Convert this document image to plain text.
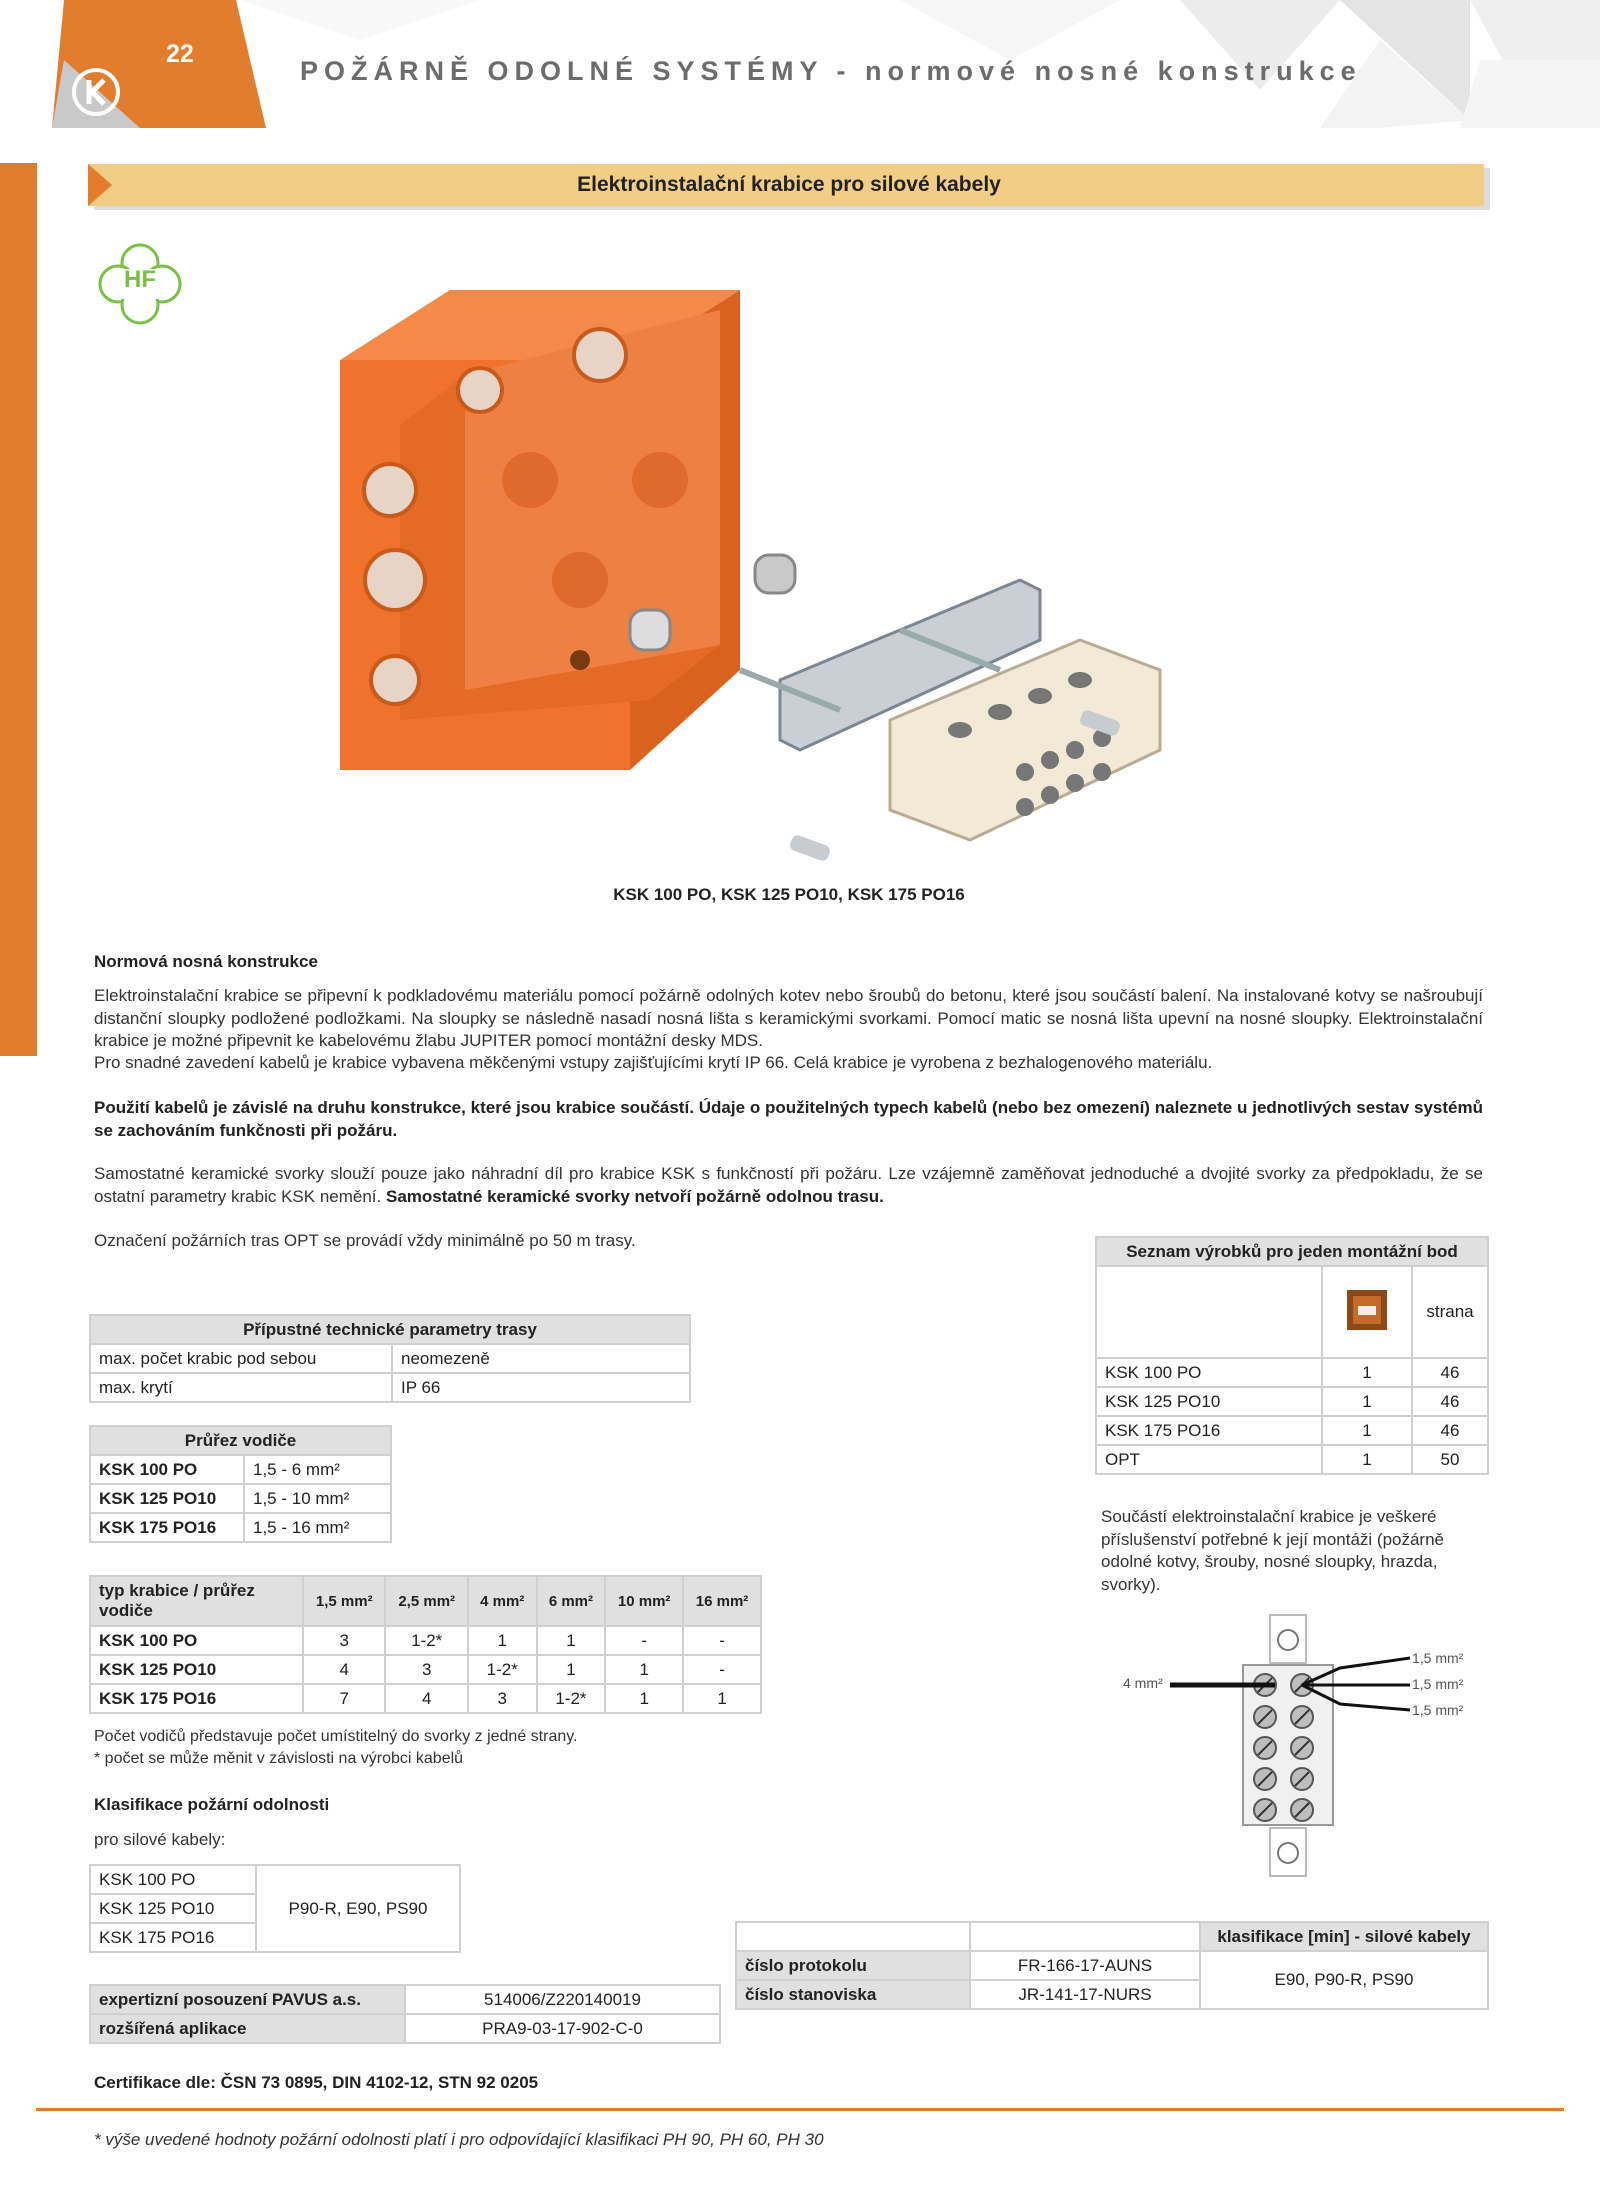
22
POŽÁRNĚ ODOLNÉ SYSTÉMY - normové nosné konstrukce
Elektroinstalační krabice pro silové kabely
HF
KSK 100 PO, KSK 125 PO10, KSK 175 PO16
Normová nosná konstrukce
Elektroinstalační krabice se připevní k podkladovému materiálu pomocí požárně odolných kotev nebo šroubů do betonu, které jsou součástí balení. Na instalované kotvy se našroubují distanční sloupky podložené podložkami. Na sloupky se následně nasadí nosná lišta s keramickými svorkami. Pomocí matic se nosná lišta upevní na nosné sloupky. Elektroinstalační krabice je možné připevnit ke kabelovému žlabu JUPITER pomocí montážní desky MDS.
Pro snadné zavedení kabelů je krabice vybavena měkčenými vstupy zajišťujícími krytí IP 66. Celá krabice je vyrobena z bezhalogenového materiálu.
Použití kabelů je závislé na druhu konstrukce, které jsou krabice součástí. Údaje o použitelných typech kabelů (nebo bez omezení) naleznete u jednotlivých sestav systémů se zachováním funkčnosti při požáru.
Samostatné keramické svorky slouží pouze jako náhradní díl pro krabice KSK s funkčností při požáru. Lze vzájemně zaměňovat jednoduché a dvojité svorky za předpokladu, že se ostatní parametry krabic KSK nemění. Samostatné keramické svorky netvoří požárně odolnou trasu.
Označení požárních tras OPT se provádí vždy minimálně po 50 m trasy.
Přípustné technické parametry trasy	
max. počet krabic pod sebou	neomezeně
max. krytí	IP 66
Průřez vodiče	
KSK 100 PO	1,5 - 6 mm²
KSK 125 PO10	1,5 - 10 mm²
KSK 175 PO16	1,5 - 16 mm²
typ krabice / průřez vodiče	1,5 mm²	2,5 mm²	4 mm²	6 mm²	10 mm²	16 mm²
KSK 100 PO	3	1-2*	1	1	-	-
KSK 125 PO10	4	3	1-2*	1	1	-
KSK 175 PO16	7	4	3	1-2*	1	1
Počet vodičů představuje počet umístitelný do svorky z jedné strany.
* počet se může měnit v závislosti na výrobci kabelů
Klasifikace požární odolnosti
pro silové kabely:
KSK 100 PO	P90-R, E90, PS90
KSK 125 PO10
KSK 175 PO16
expertizní posouzení PAVUS a.s.	514006/Z220140019
rozšířená aplikace	PRA9-03-17-902-C-0
Certifikace dle: ČSN 73 0895, DIN 4102-12, STN 92 0205
Seznam výrobků pro jeden montážní bod		
		strana
KSK 100 PO	1	46
KSK 125 PO10	1	46
KSK 175 PO16	1	46
OPT	1	50
Součástí elektroinstalační krabice je veškeré příslušenství potřebné k její montáži (požárně odolné kotvy, šrouby, nosné sloupky, hrazda, svorky).
4 mm²
1,5 mm²
1,5 mm²
1,5 mm²
		klasifikace [min] - silové kabely
číslo protokolu	FR-166-17-AUNS	E90, P90-R, PS90
číslo stanoviska	JR-141-17-NURS	
* výše uvedené hodnoty požární odolnosti platí i pro odpovídající klasifikaci PH 90, PH 60, PH 30
